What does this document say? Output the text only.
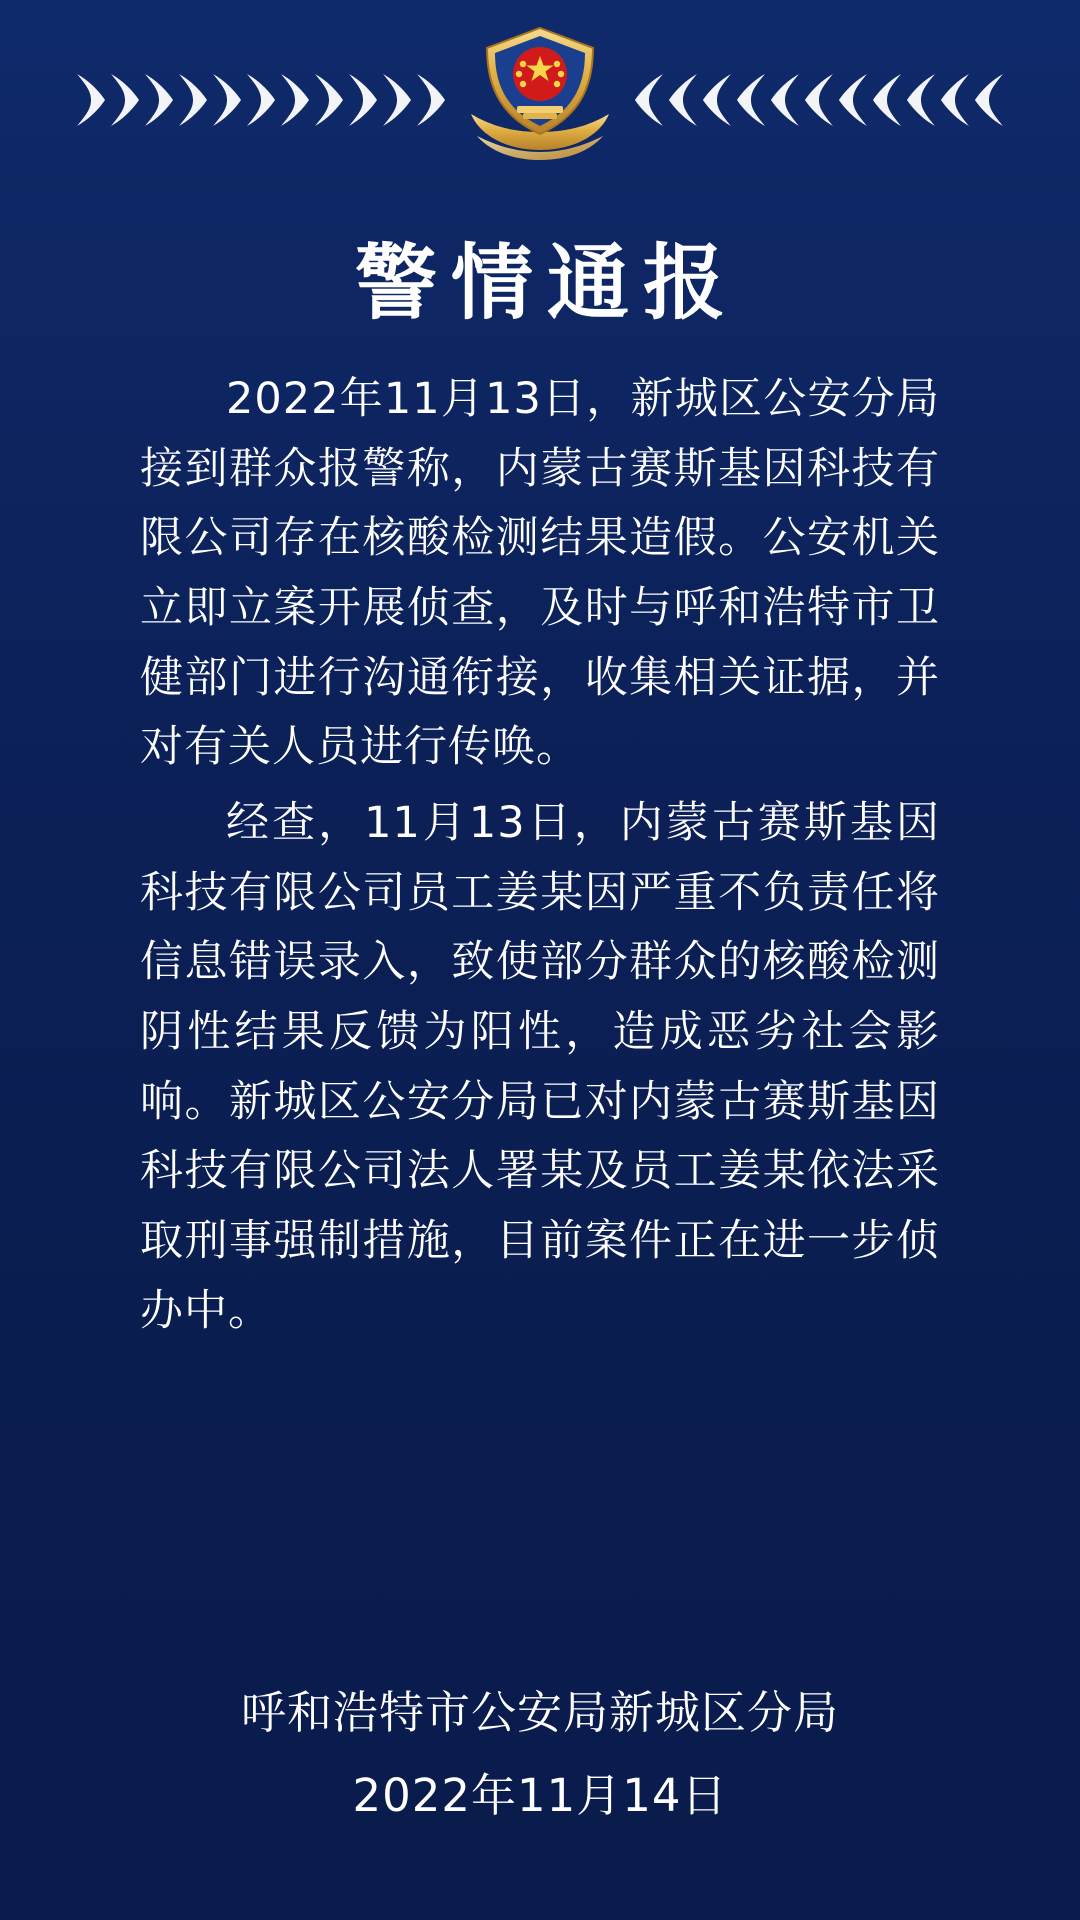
警情通报

2022年11月13日，新城区公安分局接到群众报警称，内蒙古赛斯基因科技有限公司存在核酸检测结果造假。公安机关立即立案开展侦查，及时与呼和浩特市卫健部门进行沟通衔接，收集相关证据，并对有关人员进行传唤。

经查，11月13日，内蒙古赛斯基因科技有限公司员工姜某因严重不负责任将信息错误录入，致使部分群众的核酸检测阴性结果反馈为阳性，造成恶劣社会影响。新城区公安分局已对内蒙古赛斯基因科技有限公司法人署某及员工姜某依法采取刑事强制措施，目前案件正在进一步侦办中。

呼和浩特市公安局新城区分局
2022年11月14日
